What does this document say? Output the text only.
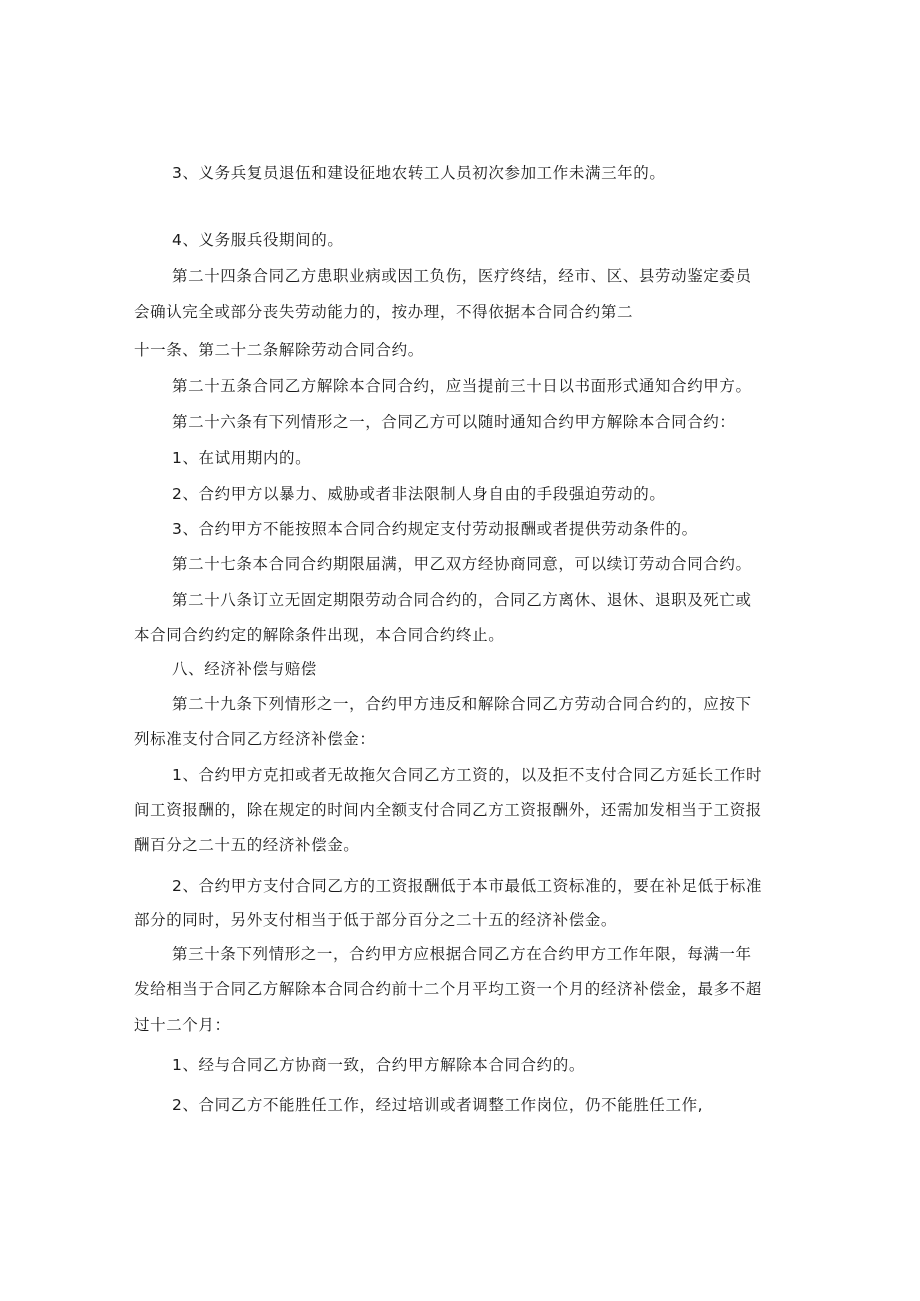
3、义务兵复员退伍和建设征地农转工人员初次参加工作未满三年的。
4、义务服兵役期间的。
第二十四条合同乙方患职业病或因工负伤，医疗终结，经市、区、县劳动鉴定委员
会确认完全或部分丧失劳动能力的，按办理，不得依据本合同合约第二
十一条、第二十二条解除劳动合同合约。
第二十五条合同乙方解除本合同合约，应当提前三十日以书面形式通知合约甲方。
第二十六条有下列情形之一，合同乙方可以随时通知合约甲方解除本合同合约：
1、在试用期内的。
2、合约甲方以暴力、威胁或者非法限制人身自由的手段强迫劳动的。
3、合约甲方不能按照本合同合约规定支付劳动报酬或者提供劳动条件的。
第二十七条本合同合约期限届满，甲乙双方经协商同意，可以续订劳动合同合约。
第二十八条订立无固定期限劳动合同合约的，合同乙方离休、退休、退职及死亡或
本合同合约约定的解除条件出现，本合同合约终止。
八、经济补偿与赔偿
第二十九条下列情形之一，合约甲方违反和解除合同乙方劳动合同合约的，应按下
列标准支付合同乙方经济补偿金：
1、合约甲方克扣或者无故拖欠合同乙方工资的，以及拒不支付合同乙方延长工作时
间工资报酬的，除在规定的时间内全额支付合同乙方工资报酬外，还需加发相当于工资报
酬百分之二十五的经济补偿金。
2、合约甲方支付合同乙方的工资报酬低于本市最低工资标准的，要在补足低于标准
部分的同时，另外支付相当于低于部分百分之二十五的经济补偿金。
第三十条下列情形之一，合约甲方应根据合同乙方在合约甲方工作年限，每满一年
发给相当于合同乙方解除本合同合约前十二个月平均工资一个月的经济补偿金，最多不超
过十二个月：
1、经与合同乙方协商一致，合约甲方解除本合同合约的。
2、合同乙方不能胜任工作，经过培训或者调整工作岗位，仍不能胜任工作,
